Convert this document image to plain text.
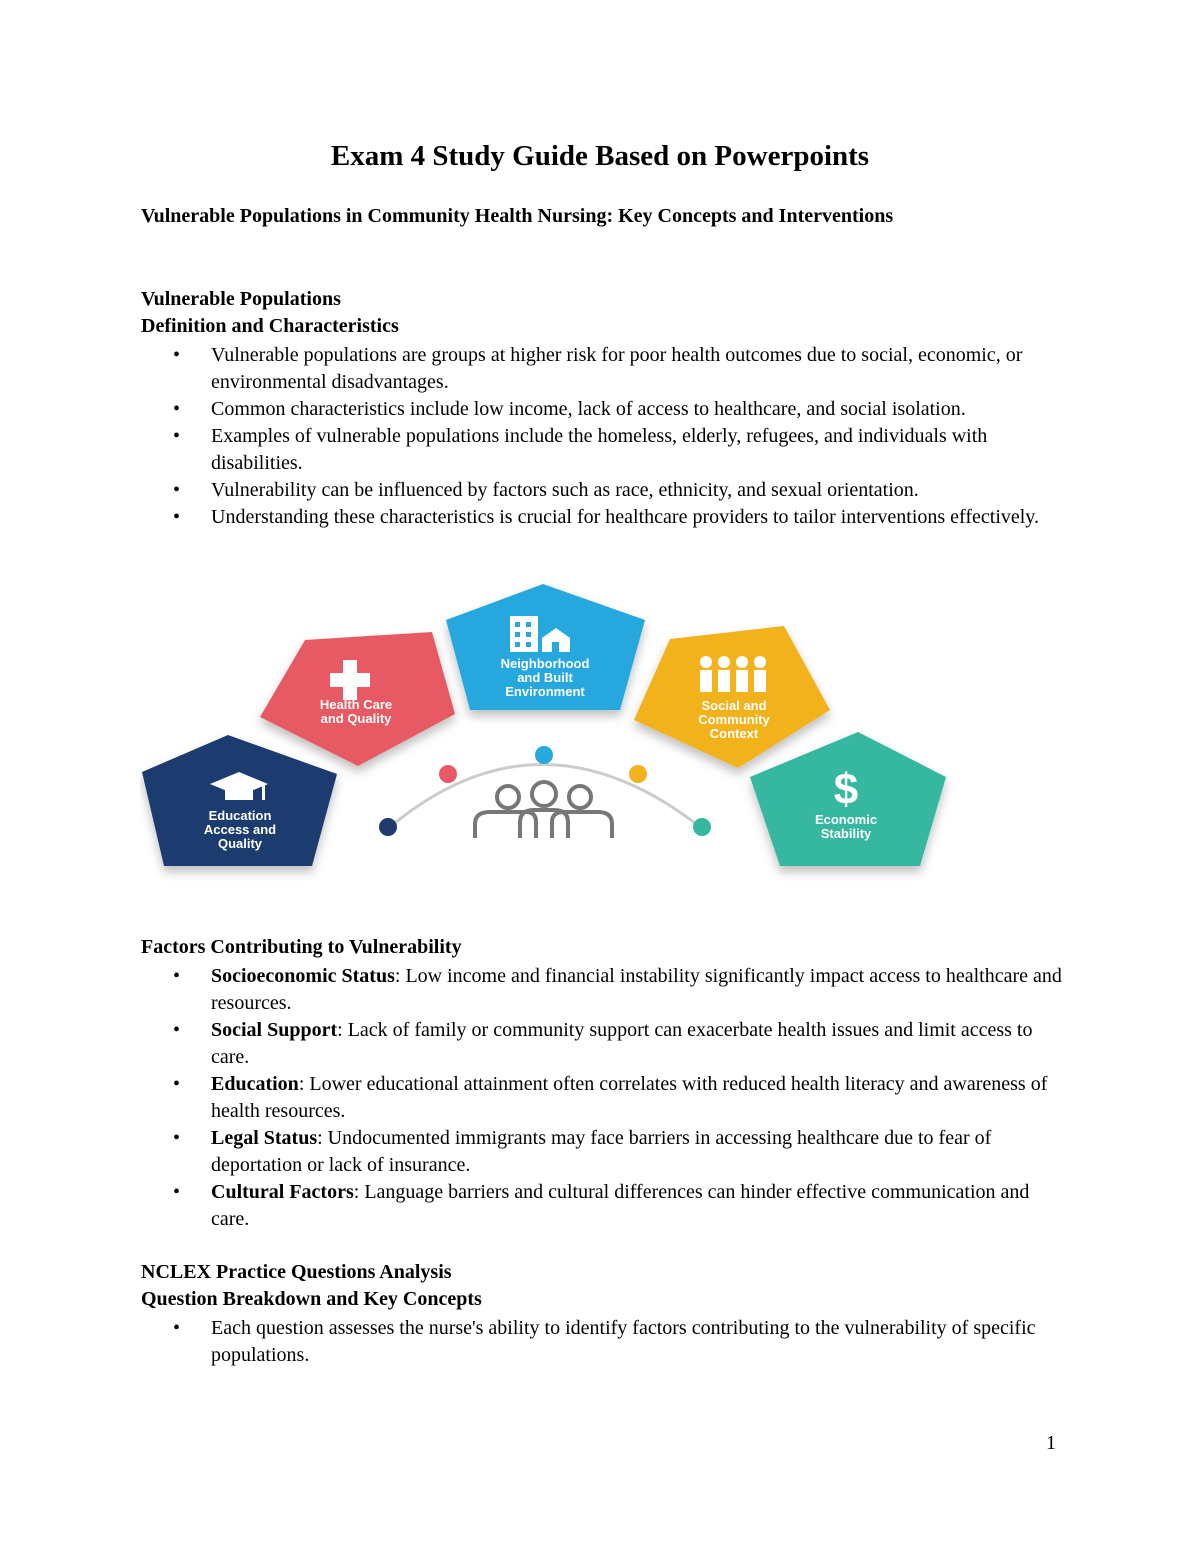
Exam 4 Study Guide Based on Powerpoints
Vulnerable Populations in Community Health Nursing: Key Concepts and Interventions
Vulnerable Populations
Definition and Characteristics
• Vulnerable populations are groups at higher risk for poor health outcomes due to social, economic, or environmental disadvantages.
• Common characteristics include low income, lack of access to healthcare, and social isolation.
• Examples of vulnerable populations include the homeless, elderly, refugees, and individuals with disabilities.
• Vulnerability can be influenced by factors such as race, ethnicity, and sexual orientation.
• Understanding these characteristics is crucial for healthcare providers to tailor interventions effectively.
Education
Access and
Quality
Health Care
and Quality
Neighborhood
and Built
Environment
Social and
Community
Context
$
Economic
Stability
Factors Contributing to Vulnerability
• Socioeconomic Status: Low income and financial instability significantly impact access to healthcare and resources.
• Social Support: Lack of family or community support can exacerbate health issues and limit access to care.
• Education: Lower educational attainment often correlates with reduced health literacy and awareness of health resources.
• Legal Status: Undocumented immigrants may face barriers in accessing healthcare due to fear of deportation or lack of insurance.
• Cultural Factors: Language barriers and cultural differences can hinder effective communication and care.
NCLEX Practice Questions Analysis
Question Breakdown and Key Concepts
• Each question assesses the nurse's ability to identify factors contributing to the vulnerability of specific populations.
1
